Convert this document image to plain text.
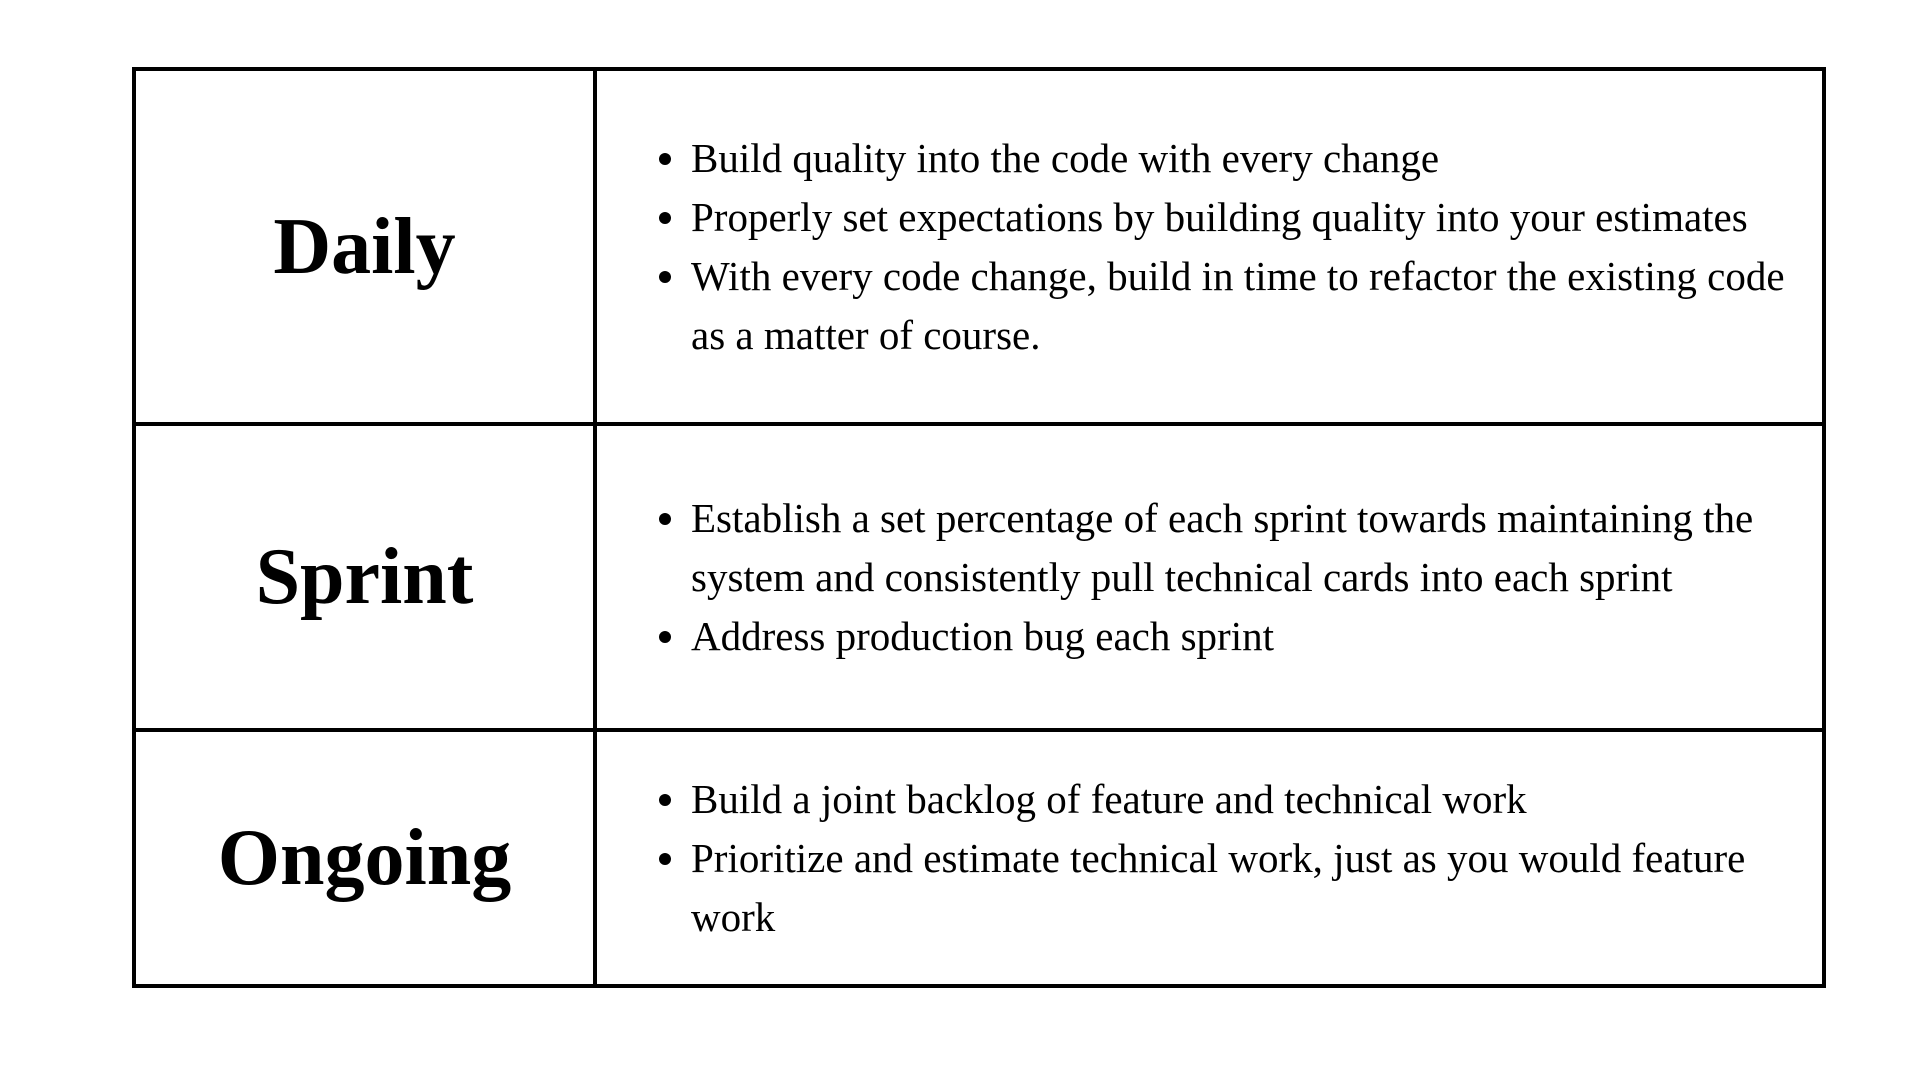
Daily
Build quality into the code with every change
Properly set expectations by building quality into your estimates
With every code change, build in time to refactor the existing code as a matter of course.
Sprint
Establish a set percentage of each sprint towards maintaining the system and consistently pull technical cards into each sprint
Address production bug each sprint
Ongoing
Build a joint backlog of feature and technical work
Prioritize and estimate technical work, just as you would feature work
